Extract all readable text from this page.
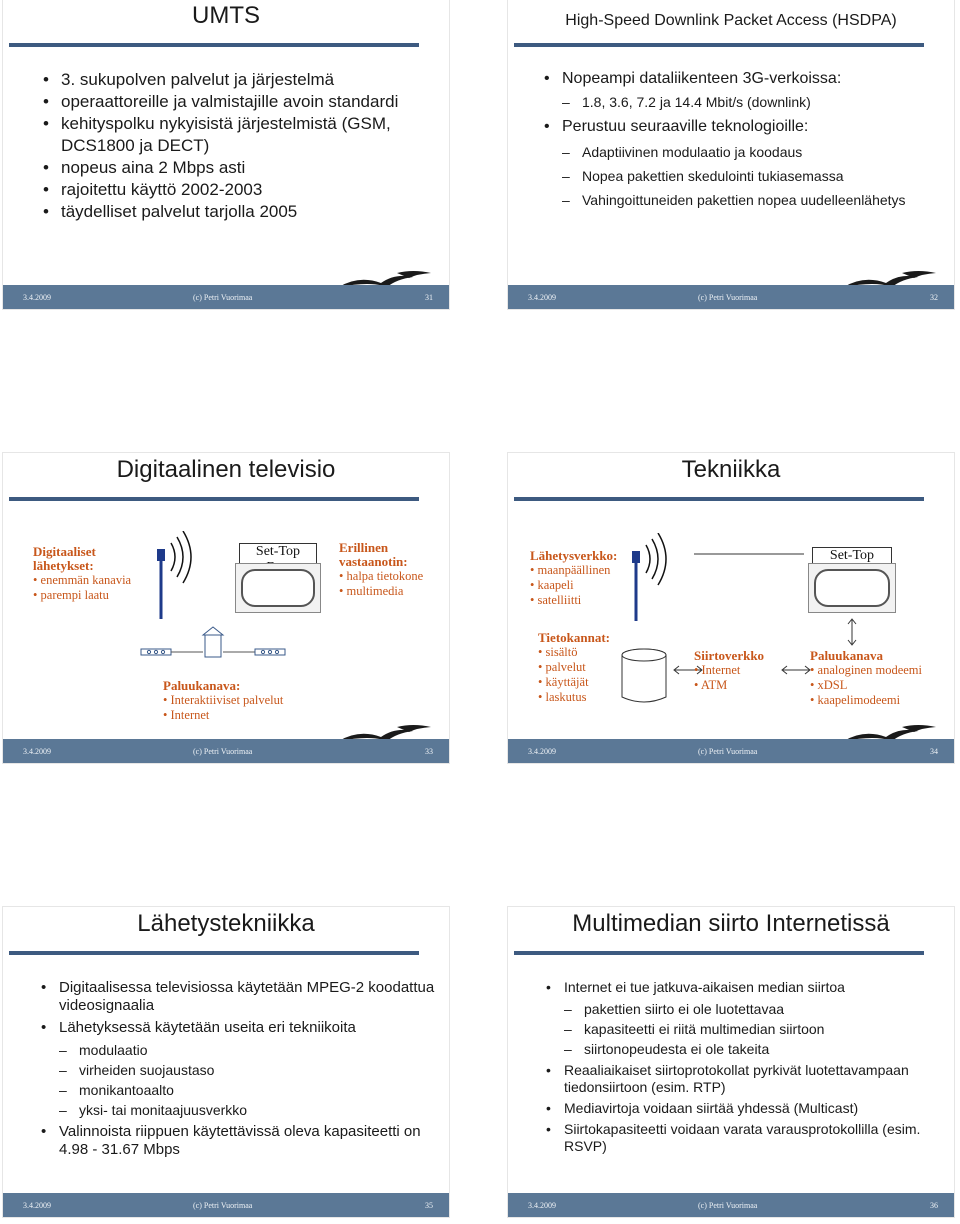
UMTS
• 3. sukupolven palvelut ja järjestelmä
• operaattoreille ja valmistajille avoin standardi
• kehityspolku nykyisistä järjestelmistä (GSM, DCS1800 ja DECT)
• nopeus aina 2 Mbps asti
• rajoitettu käyttö 2002-2003
• täydelliset palvelut tarjolla 2005
3.4.2009	(c) Petri Vuorimaa	31
High-Speed Downlink Packet Access (HSDPA)
• Nopeampi dataliikenteen 3G-verkoissa:
– 1.8, 3.6, 7.2 ja 14.4 Mbit/s (downlink)
• Perustuu seuraaville teknologioille:
– Adaptiivinen modulaatio ja koodaus
– Nopea pakettien skedulointi tukiasemassa
– Vahingoittuneiden pakettien nopea uudelleenlähetys
3.4.2009	(c) Petri Vuorimaa	32
Digitaalinen televisio
Digitaaliset lähetykset:
• enemmän kanavia
• parempi laatu
Set-Top	Erillinen vastaanotin:
• halpa tietokone
• multimedia
Paluukanava:
• Interaktiiviset palvelut
• Internet
3.4.2009	(c) Petri Vuorimaa	33
Tekniikka
Lähetysverkko:
• maanpäällinen
• kaapeli
• satelliitti
Set-Top
Tietokannat:
• sisältö
• palvelut
• käyttäjät
• laskutus
Siirtoverkko
• Internet
• ATM
Paluukanava
• analoginen modeemi
• xDSL
• kaapelimodeemi
3.4.2009	(c) Petri Vuorimaa	34
Lähetystekniikka
• Digitaalisessa televisiossa käytetään MPEG-2 koodattua videosignaalia
• Lähetyksessä käytetään useita eri tekniikoita
– modulaatio
– virheiden suojaustaso
– monikantoaalto
– yksi- tai monitaajuusverkko
• Valinnoista riippuen käytettävissä oleva kapasiteetti on 4.98 - 31.67 Mbps
3.4.2009	(c) Petri Vuorimaa	35
Multimedian siirto Internetissä
• Internet ei tue jatkuva-aikaisen median siirtoa
– pakettien siirto ei ole luotettavaa
– kapasiteetti ei riitä multimedian siirtoon
– siirtonopeudesta ei ole takeita
• Reaaliaikaiset siirtoprotokollat pyrkivät luotettavampaan tiedonsiirtoon (esim. RTP)
• Mediavirtoja voidaan siirtää yhdessä (Multicast)
• Siirtokapasiteetti voidaan varata varausprotokollilla (esim. RSVP)
3.4.2009	(c) Petri Vuorimaa	36
